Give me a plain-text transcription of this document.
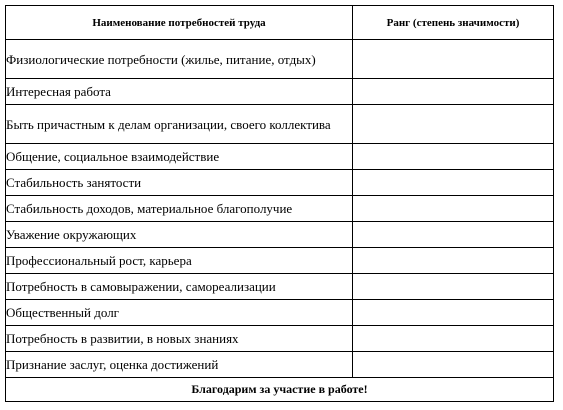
Наименование потребностей труда	Ранг (степень значимости)
Физиологические потребности (жилье, питание, отдых)	
Интересная работа	
Быть причастным к делам организации, своего коллектива	
Общение, социальное взаимодействие	
Стабильность занятости	
Стабильность доходов, материальное благополучие	
Уважение окружающих	
Профессиональный рост, карьера	
Потребность в самовыражении, самореализации	
Общественный долг	
Потребность в развитии, в новых знаниях	
Признание заслуг, оценка достижений	
Благодарим за участие в работе!	
